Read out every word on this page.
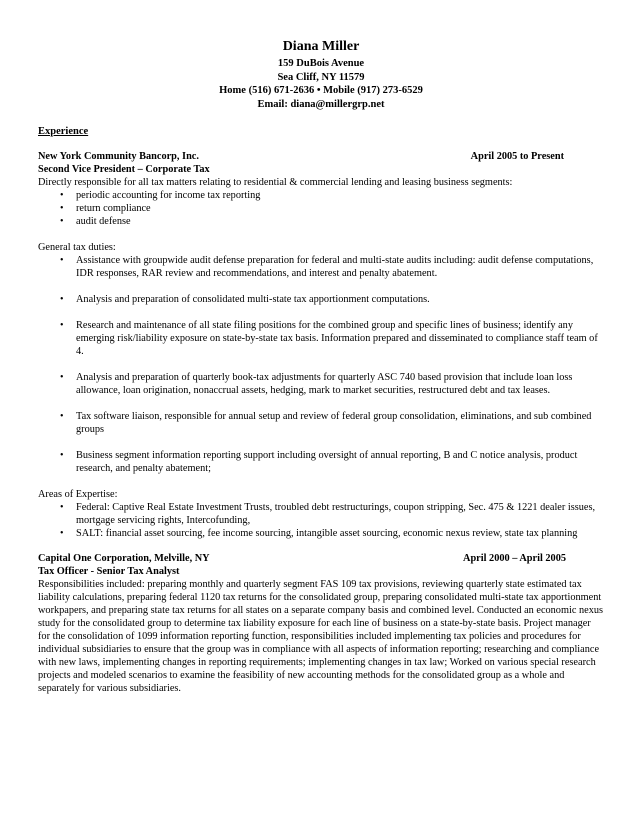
Diana Miller
159 DuBois Avenue
Sea Cliff, NY 11579
Home (516) 671-2636 • Mobile (917) 273-6529
Email: diana@millergrp.net
Experience
New York Community Bancorp, Inc.	April 2005 to Present
Second Vice President – Corporate Tax
Directly responsible for all tax matters relating to residential & commercial lending and leasing business segments:
• periodic accounting for income tax reporting
• return compliance
• audit defense
General tax duties:
• Assistance with groupwide audit defense preparation for federal and multi-state audits including: audit defense computations, IDR responses, RAR review and recommendations, and interest and penalty abatement.
• Analysis and preparation of consolidated multi-state tax apportionment computations.
• Research and maintenance of all state filing positions for the combined group and specific lines of business; identify any emerging risk/liability exposure on state-by-state tax basis. Information prepared and disseminated to compliance staff team of 4.
• Analysis and preparation of quarterly book-tax adjustments for quarterly ASC 740 based provision that include loan loss allowance, loan origination, nonaccrual assets, hedging, mark to market securities, restructured debt and tax leases.
• Tax software liaison, responsible for annual setup and review of federal group consolidation, eliminations, and sub combined groups
• Business segment information reporting support including oversight of annual reporting, B and C notice analysis, product research, and penalty abatement;
Areas of Expertise:
• Federal: Captive Real Estate Investment Trusts, troubled debt restructurings, coupon stripping, Sec. 475 & 1221 dealer issues, mortgage servicing rights, Intercofunding,
• SALT: financial asset sourcing, fee income sourcing, intangible asset sourcing, economic nexus review, state tax planning
Capital One Corporation, Melville, NY	April 2000 – April 2005
Tax Officer - Senior Tax Analyst
Responsibilities included: preparing monthly and quarterly segment FAS 109 tax provisions, reviewing quarterly state estimated tax liability calculations, preparing federal 1120 tax returns for the consolidated group, preparing consolidated multi-state tax apportionment workpapers, and preparing state tax returns for all states on a separate company basis and combined level. Conducted an economic nexus study for the consolidated group to determine tax liability exposure for each line of business on a state-by-state basis. Project manager for the consolidation of 1099 information reporting function, responsibilities included implementing tax policies and procedures for individual subsidiaries to ensure that the group was in compliance with all aspects of information reporting; researching and compliance with new laws, implementing changes in reporting requirements; implementing changes in tax law; Worked on various special research projects and modeled scenarios to examine the feasibility of new accounting methods for the consolidated group as a whole and separately for various subsidiaries.
